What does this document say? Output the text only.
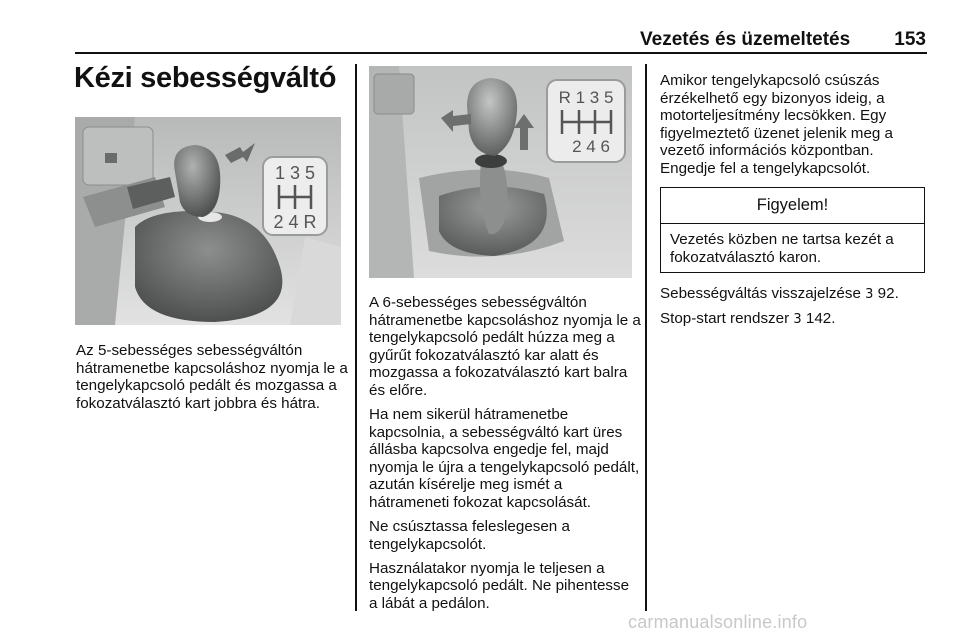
Vezetés és üzemeltetés 153
Kézi sebességváltó
1 3 5
2 4 R
R 1 3 5
2 4 6

Az 5-sebességes sebességváltón hátramenetbe kapcsoláshoz nyomja le a tengelykapcsoló pedált és mozgassa a fokozatválasztó kart jobbra és hátra.

A 6-sebességes sebességváltón hátramenetbe kapcsoláshoz nyomja le a tengelykapcsoló pedált húzza meg a gyűrűt fokozatválasztó kar alatt és mozgassa a fokozatválasztó kart balra és előre.

Ha nem sikerül hátramenetbe kapcsolnia, a sebességváltó kart üres állásba kapcsolva engedje fel, majd nyomja le újra a tengelykapcsoló pedált, azután kísérelje meg ismét a hátrameneti fokozat kapcsolását.

Ne csúsztassa feleslegesen a tengelykapcsolót.

Használatakor nyomja le teljesen a tengelykapcsoló pedált. Ne pihentesse a lábát a pedálon.

Amikor tengelykapcsoló csúszás érzékelhető egy bizonyos ideig, a motorteljesítmény lecsökken. Egy figyelmeztető üzenet jelenik meg a vezető információs központban. Engedje fel a tengelykapcsolót.

Figyelem!
Vezetés közben ne tartsa kezét a fokozatválasztó karon.

Sebességváltás visszajelzése 3 92.

Stop-start rendszer 3 142.

carmanualsonline.info
